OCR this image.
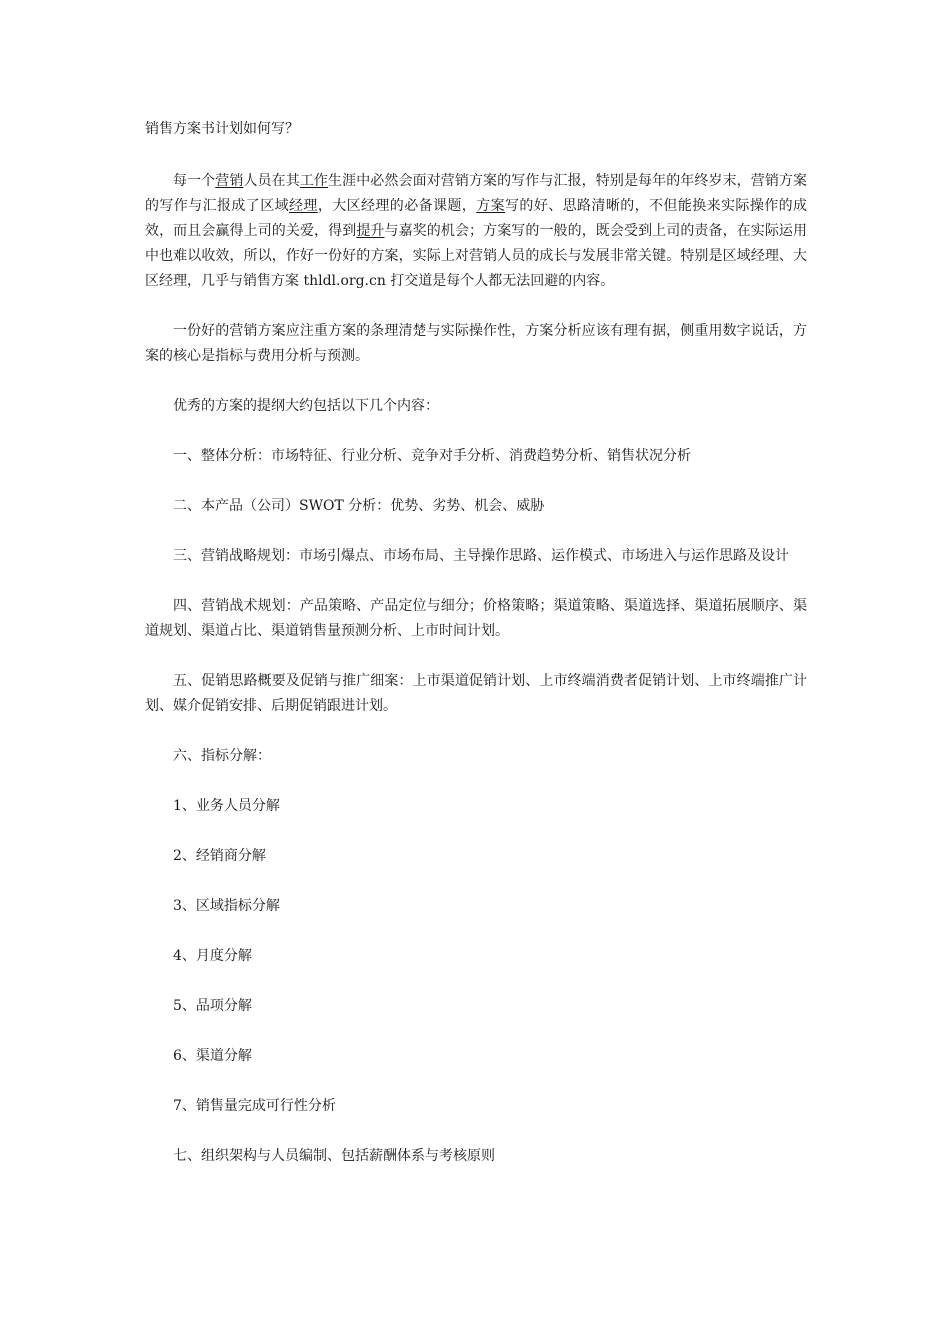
销售方案书计划如何写？

每一个营销人员在其工作生涯中必然会面对营销方案的写作与汇报，特别是每年的年终岁末，营销方案的写作与汇报成了区域经理，大区经理的必备课题，方案写的好、思路清晰的，不但能换来实际操作的成效，而且会赢得上司的关爱，得到提升与嘉奖的机会；方案写的一般的，既会受到上司的责备，在实际运用中也难以收效，所以，作好一份好的方案，实际上对营销人员的成长与发展非常关键。特别是区域经理、大区经理，几乎与销售方案 thldl.org.cn 打交道是每个人都无法回避的内容。

一份好的营销方案应注重方案的条理清楚与实际操作性，方案分析应该有理有据，侧重用数字说话，方案的核心是指标与费用分析与预测。

优秀的方案的提纲大约包括以下几个内容：

一、整体分析：市场特征、行业分析、竞争对手分析、消费趋势分析、销售状况分析

二、本产品（公司）SWOT 分析：优势、劣势、机会、威胁

三、营销战略规划：市场引爆点、市场布局、主导操作思路、运作模式、市场进入与运作思路及设计

四、营销战术规划：产品策略、产品定位与细分；价格策略；渠道策略、渠道选择、渠道拓展顺序、渠道规划、渠道占比、渠道销售量预测分析、上市时间计划。

五、促销思路概要及促销与推广细案：上市渠道促销计划、上市终端消费者促销计划、上市终端推广计划、媒介促销安排、后期促销跟进计划。

六、指标分解：

1、业务人员分解

2、经销商分解

3、区域指标分解

4、月度分解

5、品项分解

6、渠道分解

7、销售量完成可行性分析

七、组织架构与人员编制、包括薪酬体系与考核原则
